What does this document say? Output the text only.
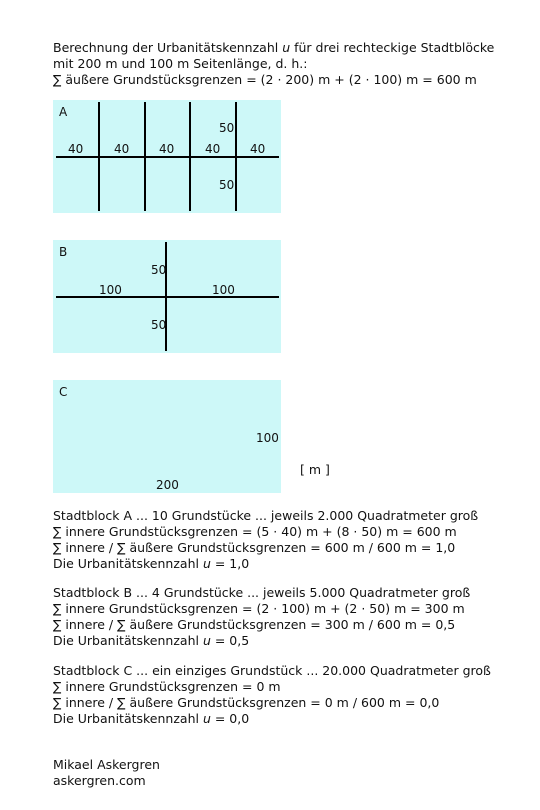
Berechnung der Urbanitätskennzahl u für drei rechteckige Stadtblöcke
mit 200 m und 100 m Seitenlänge, d. h.:
∑ äußere Grundstücksgrenzen = (2 · 200) m + (2 · 100) m = 600 m
A
40	40 40	40 40
50
50
B
50
100	100
50
C
100
200
[ m ]
Stadtblock A ... 10 Grundstücke ... jeweils 2.000 Quadratmeter groß
∑ innere Grundstücksgrenzen = (5 · 40) m + (8 · 50) m = 600 m
∑ innere / ∑ äußere Grundstücksgrenzen = 600 m / 600 m = 1,0
Die Urbanitätskennzahl u = 1,0
Stadtblock B ... 4 Grundstücke ... jeweils 5.000 Quadratmeter groß
∑ innere Grundstücksgrenzen = (2 · 100) m + (2 · 50) m = 300 m
∑ innere / ∑ äußere Grundstücksgrenzen = 300 m / 600 m = 0,5
Die Urbanitätskennzahl u = 0,5
Stadtblock C ... ein einziges Grundstück ... 20.000 Quadratmeter groß
∑ innere Grundstücksgrenzen = 0 m
∑ innere / ∑ äußere Grundstücksgrenzen = 0 m / 600 m = 0,0
Die Urbanitätskennzahl u = 0,0
Mikael Askergren
askergren.com
